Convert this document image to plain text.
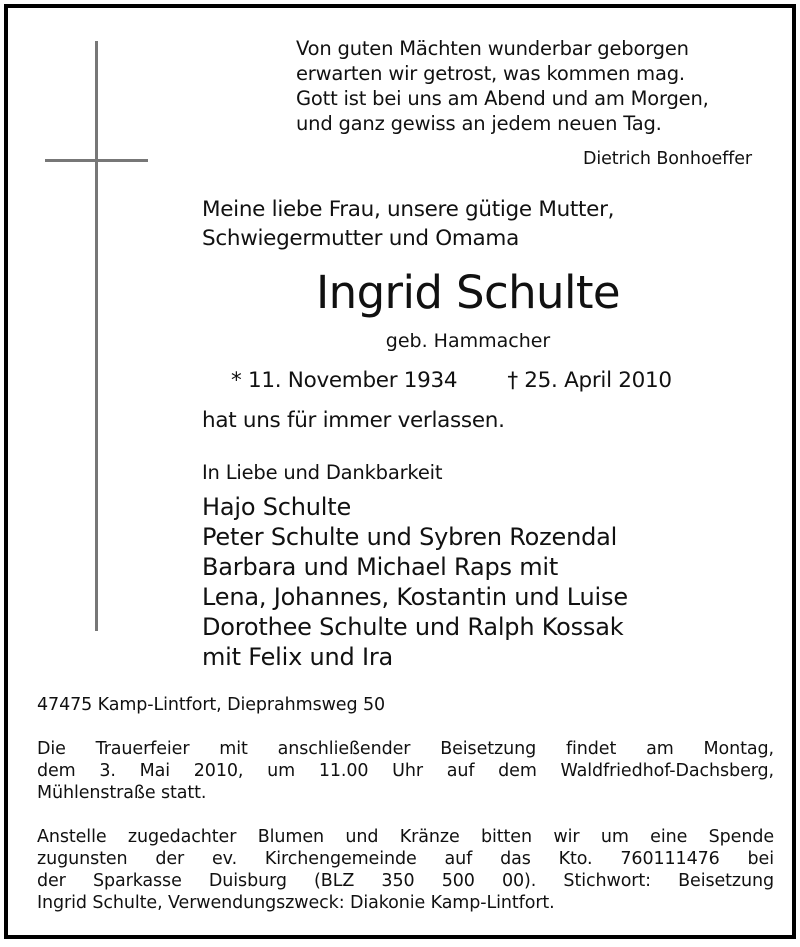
Von guten Mächten wunderbar geborgen
erwarten wir getrost, was kommen mag.
Gott ist bei uns am Abend und am Morgen,
und ganz gewiss an jedem neuen Tag.
Dietrich Bonhoeffer
Meine liebe Frau, unsere gütige Mutter,
Schwiegermutter und Omama
Ingrid Schulte
geb. Hammacher
* 11. November 1934 † 25. April 2010
hat uns für immer verlassen.
In Liebe und Dankbarkeit
Hajo Schulte
Peter Schulte und Sybren Rozendal
Barbara und Michael Raps mit
Lena, Johannes, Kostantin und Luise
Dorothee Schulte und Ralph Kossak
mit Felix und Ira
47475 Kamp-Lintfort, Dieprahmsweg 50
Die Trauerfeier mit anschließender Beisetzung findet am Montag,
dem 3. Mai 2010, um 11.00 Uhr auf dem Waldfriedhof-Dachsberg,
Mühlenstraße statt.
Anstelle zugedachter Blumen und Kränze bitten wir um eine Spende
zugunsten der ev. Kirchengemeinde auf das Kto. 760111476 bei
der Sparkasse Duisburg (BLZ 350 500 00). Stichwort: Beisetzung
Ingrid Schulte, Verwendungszweck: Diakonie Kamp-Lintfort.
